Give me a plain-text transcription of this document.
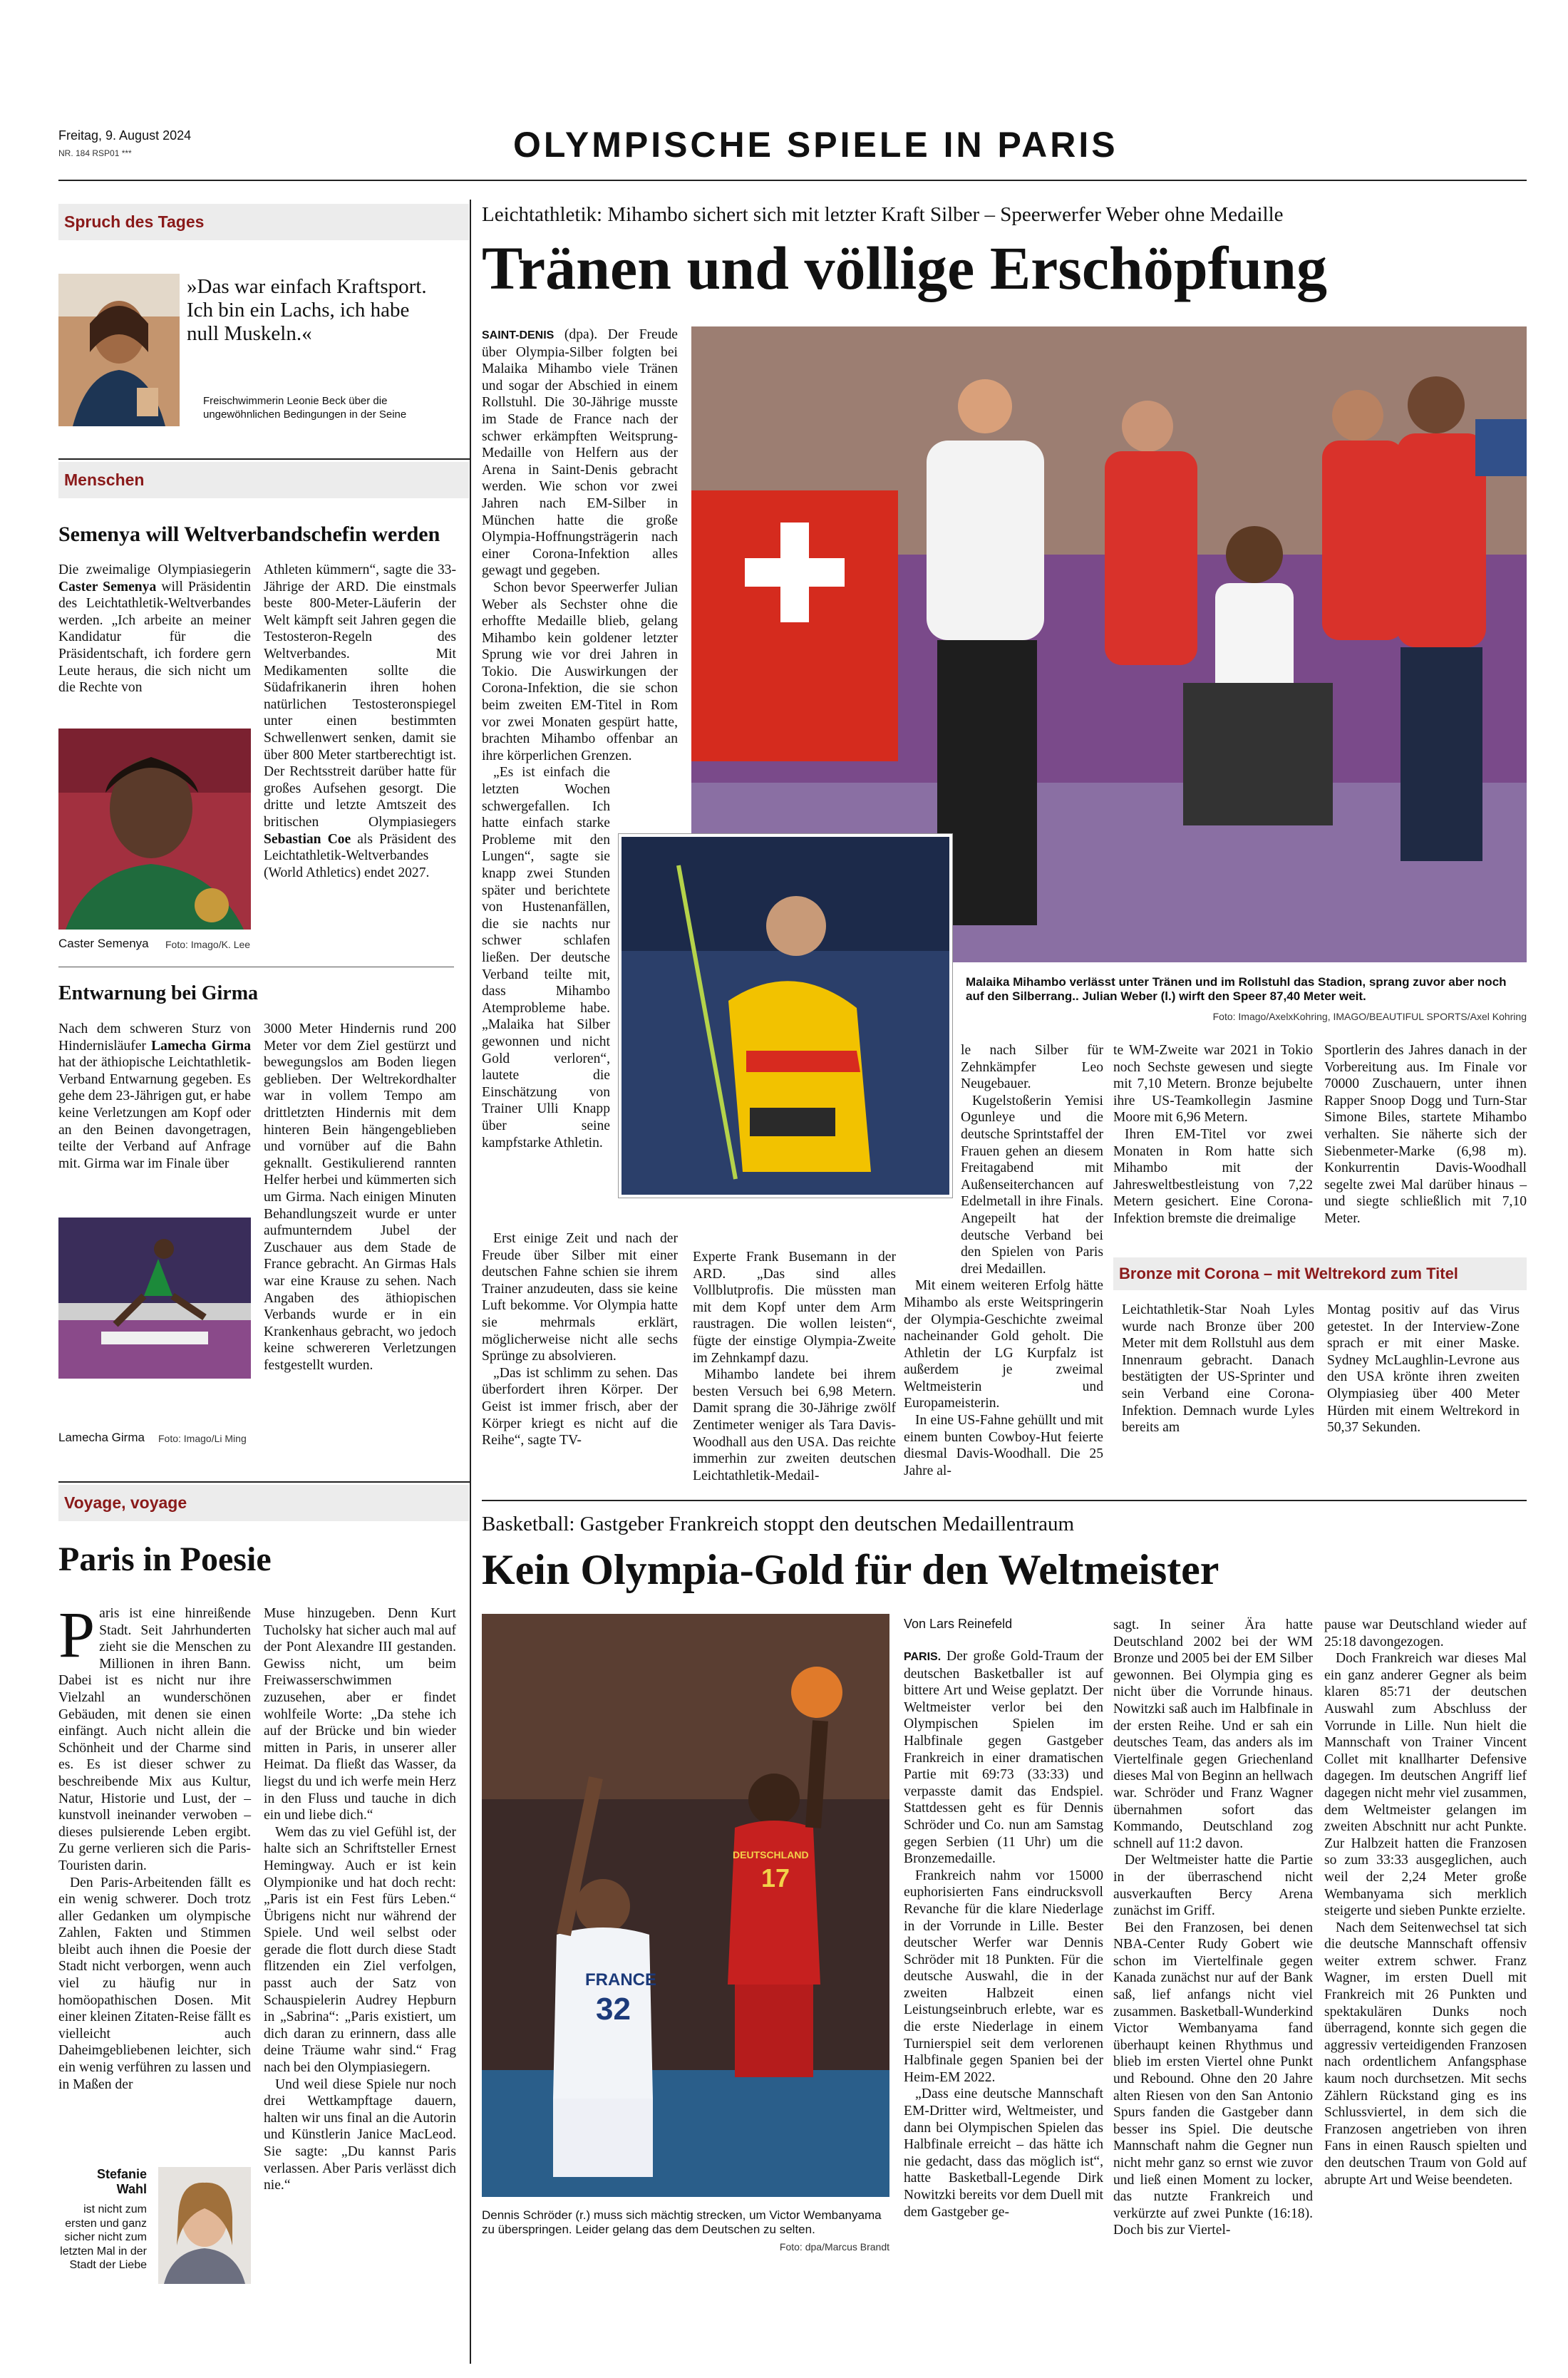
Freitag, 9. August 2024
NR. 184 RSP01 ***	OLYMPISCHE SPIELE IN PARIS
Spruch des Tages
»Das war einfach Kraftsport. Ich bin ein Lachs, ich habe null Muskeln.«
Freischwimmerin Leonie Beck über die ungewöhnlichen Bedingungen in der Seine
Menschen
Semenya will Weltverbandschefin werden

Die zweimalige Olympiasiegerin Caster Semenya will Präsidentin des Leichtathletik-Weltverbandes werden. „Ich arbeite an meiner Kandidatur für die Präsidentschaft, ich fordere gern Leute heraus, die sich nicht um die Rechte von

Caster Semenya Foto: Imago/K. Lee

Athleten kümmern“, sagte die 33-Jährige der ARD. Die einstmals beste 800-Meter-Läuferin der Welt kämpft seit Jahren gegen die Testosteron-Regeln des Weltverbandes. Mit Medikamenten sollte die Südafrikanerin ihren hohen natürlichen Testosteronspiegel unter einen bestimmten Schwellenwert senken, damit sie über 800 Meter startberechtigt ist. Der Rechtsstreit darüber hatte für großes Aufsehen gesorgt. Die dritte und letzte Amtszeit des britischen Olympiasiegers Sebastian Coe als Präsident des Leichtathletik-Weltverbandes (World Athletics) endet 2027.

Entwarnung bei Girma

Nach dem schweren Sturz von Hindernisläufer Lamecha Girma hat der äthiopische Leichtathletik-Verband Entwarnung gegeben. Es gehe dem 23-Jährigen gut, er habe keine Verletzungen am Kopf oder an den Beinen davongetragen, teilte der Verband auf Anfrage mit. Girma war im Finale über

Lamecha Girma Foto: Imago/Li Ming

3000 Meter Hindernis rund 200 Meter vor dem Ziel gestürzt und bewegungslos am Boden liegen geblieben. Der Weltrekordhalter war in vollem Tempo am drittletzten Hindernis mit dem hinteren Bein hängengeblieben und vornüber auf die Bahn geknallt. Gestikulierend rannten Helfer herbei und kümmerten sich um Girma. Nach einigen Minuten Behandlungszeit wurde er unter aufmunterndem Jubel der Zuschauer aus dem Stade de France gebracht. An Girmas Hals war eine Krause zu sehen. Nach Angaben des äthiopischen Verbands wurde er in ein Krankenhaus gebracht, wo jedoch keine schwereren Verletzungen festgestellt wurden.

Voyage, voyage
Paris in Poesie

Paris ist eine hinreißende Stadt. Seit Jahrhunderten zieht sie die Menschen zu Millionen in ihren Bann. Dabei ist es nicht nur ihre Vielzahl an wunderschönen Gebäuden, mit denen sie einen einfängt. Auch nicht allein die Schönheit und der Charme sind es. Es ist dieser schwer zu beschreibende Mix aus Kultur, Natur, Historie und Lust, der – kunstvoll ineinander verwoben – dieses pulsierende Leben ergibt. Zu gerne verlieren sich die Paris-Touristen darin.

Den Paris-Arbeitenden fällt es ein wenig schwerer. Doch trotz aller Gedanken um olympische Zahlen, Fakten und Stimmen bleibt auch ihnen die Poesie der Stadt nicht verborgen, wenn auch viel zu häufig nur in homöopathischen Dosen. Mit einer kleinen Zitaten-Reise fällt es vielleicht auch Daheimgebliebenen leichter, sich ein wenig verführen zu lassen und in Maßen der

Muse hinzugeben. Denn Kurt Tucholsky hat sicher auch mal auf der Pont Alexandre III gestanden. Gewiss nicht, um beim Freiwasserschwimmen zuzusehen, aber er findet wohlfeile Worte: „Da stehe ich auf der Brücke und bin wieder mitten in Paris, in unserer aller Heimat. Da fließt das Wasser, da liegst du und ich werfe mein Herz in den Fluss und tauche in dich ein und liebe dich.“

Wem das zu viel Gefühl ist, der halte sich an Schriftsteller Ernest Hemingway. Auch er ist kein Olympionike und hat doch recht: „Paris ist ein Fest fürs Leben.“ Übrigens nicht nur während der Spiele. Und weil selbst oder gerade die flott durch diese Stadt flitzenden ein Ziel verfolgen, passt auch der Satz von Schauspielerin Audrey Hepburn in „Sabrina“: „Paris existiert, um dich daran zu erinnern, dass alle deine Träume wahr sind.“ Frag nach bei den Olympiasiegern.

Und weil diese Spiele nur noch drei Wettkampftage dauern, halten wir uns final an die Autorin und Künstlerin Janice MacLeod. Sie sagte: „Du kannst Paris verlassen. Aber Paris verlässt dich nie.“

Stefanie Wahl
ist nicht zum ersten und ganz sicher nicht zum letzten Mal in der Stadt der Liebe
Leichtathletik: Mihambo sichert sich mit letzter Kraft Silber – Speerwerfer Weber ohne Medaille
Tränen und völlige Erschöpfung

SAINT-DENIS (dpa). Der Freude über Olympia-Silber folgten bei Malaika Mihambo viele Tränen und sogar der Abschied in einem Rollstuhl. Die 30-Jährige musste im Stade de France nach der schwer erkämpften Weitsprung-Medaille von Helfern aus der Arena in Saint-Denis gebracht werden. Wie schon vor zwei Jahren nach EM-Silber in München hatte die große Olympia-Hoffnungsträgerin nach einer Corona-Infektion alles gewagt und gegeben.

Schon bevor Speerwerfer Julian Weber als Sechster ohne die erhoffte Medaille blieb, gelang Mihambo kein goldener letzter Sprung wie vor drei Jahren in Tokio. Die Auswirkungen der Corona-Infektion, die sie schon beim zweiten EM-Titel in Rom vor zwei Monaten gespürt hatte, brachten Mihambo offenbar an ihre körperlichen Grenzen.

„Es ist einfach die letzten Wochen schwergefallen. Ich hatte einfach starke Probleme mit den Lungen“, sagte sie knapp zwei Stunden später und berichtete von Hustenanfällen, die sie nachts nur schwer schlafen ließen. Der deutsche Verband teilte mit, dass Mihambo Atemprobleme habe. „Malaika hat Silber gewonnen und nicht Gold verloren“, lautete die Einschätzung von Trainer Ulli Knapp über seine kampfstarke Athletin.

Erst einige Zeit und nach der Freude über Silber mit einer deutschen Fahne schien sie ihrem Trainer anzudeuten, dass sie keine Luft bekomme. Vor Olympia hatte sie mehrmals erklärt, möglicherweise nicht alle sechs Sprünge zu absolvieren.

„Das ist schlimm zu sehen. Das überfordert ihren Körper. Der Geist ist immer frisch, aber der Körper kriegt es nicht auf die Reihe“, sagte TV-

Malaika Mihambo verlässt unter Tränen und im Rollstuhl das Stadion, sprang zuvor aber noch auf den Silberrang.. Julian Weber (l.) wirft den Speer 87,40 Meter weit.
Foto: Imago/AxelxKohring, IMAGO/BEAUTIFUL SPORTS/Axel Kohring

Experte Frank Busemann in der ARD. „Das sind alles Vollblutprofis. Die müssten man mit dem Kopf unter dem Arm raustragen. Die wollen leisten“, fügte der einstige Olympia-Zweite im Zehnkampf dazu.

Mihambo landete bei ihrem besten Versuch bei 6,98 Metern. Damit sprang die 30-Jährige zwölf Zentimeter weniger als Tara Davis-Woodhall aus den USA. Das reichte immerhin zur zweiten deutschen Leichtathletik-Medail-

le nach Silber für Zehnkämpfer Leo Neugebauer.

Kugelstoßerin Yemisi Ogunleye und die deutsche Sprintstaffel der Frauen gehen an diesem Freitagabend mit Außenseiterchancen auf Edelmetall in ihre Finals. Angepeilt hat der deutsche Verband bei den Spielen von Paris drei Medaillen.

Mit einem weiteren Erfolg hätte Mihambo als erste Weitspringerin der Olympia-Geschichte zweimal nacheinander Gold geholt. Die Athletin der LG Kurpfalz ist außerdem je zweimal Weltmeisterin und Europameisterin.

In eine US-Fahne gehüllt und mit einem bunten Cowboy-Hut feierte diesmal Davis-Woodhall. Die 25 Jahre al-

te WM-Zweite war 2021 in Tokio noch Sechste gewesen und siegte mit 7,10 Metern. Bronze bejubelte ihre US-Teamkollegin Jasmine Moore mit 6,96 Metern.

Ihren EM-Titel vor zwei Monaten in Rom hatte sich Mihambo mit der Jahresweltbestleistung von 7,22 Metern gesichert. Eine Corona-Infektion bremste die dreimalige

Sportlerin des Jahres danach in der Vorbereitung aus. Im Finale vor 70000 Zuschauern, unter ihnen Rapper Snoop Dogg und Turn-Star Simone Biles, startete Mihambo verhalten. Sie näherte sich der Siebenmeter-Marke (6,98 m). Konkurrentin Davis-Woodhall segelte zwei Mal darüber hinaus – und siegte schließlich mit 7,10 Meter.

Bronze mit Corona – mit Weltrekord zum Titel

Leichtathletik-Star Noah Lyles wurde nach Bronze über 200 Meter mit dem Rollstuhl aus dem Innenraum gebracht. Danach bestätigten der US-Sprinter und sein Verband eine Corona-Infektion. Demnach wurde Lyles bereits am

Montag positiv auf das Virus getestet. In der Interview-Zone sprach er mit einer Maske. Sydney McLaughlin-Levrone aus den USA krönte ihren zweiten Olympiasieg über 400 Meter Hürden mit einem Weltrekord in 50,37 Sekunden.

Basketball: Gastgeber Frankreich stoppt den deutschen Medaillentraum
Kein Olympia-Gold für den Weltmeister
FRANCE
32
DEUTSCHLAND
17
Dennis Schröder (r.) muss sich mächtig strecken, um Victor Wembanyama zu überspringen. Leider gelang das dem Deutschen zu selten.
Foto: dpa/Marcus Brandt
Von Lars Reinefeld

PARIS. Der große Gold-Traum der deutschen Basketballer ist auf bittere Art und Weise geplatzt. Der Weltmeister verlor bei den Olympischen Spielen im Halbfinale gegen Gastgeber Frankreich in einer dramatischen Partie mit 69:73 (33:33) und verpasste damit das Endspiel. Stattdessen geht es für Dennis Schröder und Co. nun am Samstag gegen Serbien (11 Uhr) um die Bronzemedaille.

Frankreich nahm vor 15000 euphorisierten Fans eindrucksvoll Revanche für die klare Niederlage in der Vorrunde in Lille. Bester deutscher Werfer war Dennis Schröder mit 18 Punkten. Für die deutsche Auswahl, die in der zweiten Halbzeit einen Leistungseinbruch erlebte, war es die erste Niederlage in einem Turnierspiel seit dem verlorenen Halbfinale gegen Spanien bei der Heim-EM 2022.

„Dass eine deutsche Mannschaft EM-Dritter wird, Weltmeister, und dann bei Olympischen Spielen das Halbfinale erreicht – das hätte ich nie gedacht, dass das möglich ist“, hatte Basketball-Legende Dirk Nowitzki bereits vor dem Duell mit dem Gastgeber ge-

sagt. In seiner Ära hatte Deutschland 2002 bei der WM Bronze und 2005 bei der EM Silber gewonnen. Bei Olympia ging es nicht über die Vorrunde hinaus. Nowitzki saß auch im Halbfinale in der ersten Reihe. Und er sah ein deutsches Team, das anders als im Viertelfinale gegen Griechenland dieses Mal von Beginn an hellwach war. Schröder und Franz Wagner übernahmen sofort das Kommando, Deutschland zog schnell auf 11:2 davon.

Der Weltmeister hatte die Partie in der überraschend nicht ausverkauften Bercy Arena zunächst im Griff.

Bei den Franzosen, bei denen NBA-Center Rudy Gobert wie schon im Viertelfinale gegen Kanada zunächst nur auf der Bank saß, lief anfangs nicht viel zusammen. Basketball-Wunderkind Victor Wembanyama fand überhaupt keinen Rhythmus und blieb im ersten Viertel ohne Punkt und Rebound. Ohne den 20 Jahre alten Riesen von den San Antonio Spurs fanden die Gastgeber dann besser ins Spiel. Die deutsche Mannschaft nahm die Gegner nun nicht mehr ganz so ernst wie zuvor und ließ einen Moment zu locker, das nutzte Frankreich und verkürzte auf zwei Punkte (16:18). Doch bis zur Viertel-

pause war Deutschland wieder auf 25:18 davongezogen.

Doch Frankreich war dieses Mal ein ganz anderer Gegner als beim klaren 85:71 der deutschen Auswahl zum Abschluss der Vorrunde in Lille. Nun hielt die Mannschaft von Trainer Vincent Collet mit knallharter Defensive dagegen. Im deutschen Angriff lief dagegen nicht mehr viel zusammen, dem Weltmeister gelangen im zweiten Abschnitt nur acht Punkte. Zur Halbzeit hatten die Franzosen so zum 33:33 ausgeglichen, auch weil der 2,24 Meter große Wembanyama sich merklich steigerte und sieben Punkte erzielte.

Nach dem Seitenwechsel tat sich die deutsche Mannschaft offensiv weiter extrem schwer. Franz Wagner, im ersten Duell mit Frankreich mit 26 Punkten und spektakulären Dunks noch überragend, konnte sich gegen die aggressiv verteidigenden Franzosen nach ordentlichem Anfangsphase kaum noch durchsetzen. Mit sechs Zählern Rückstand ging es ins Schlussviertel, in dem sich die Franzosen angetrieben von ihren Fans in einen Rausch spielten und den deutschen Traum von Gold auf abrupte Art und Weise beendeten.
